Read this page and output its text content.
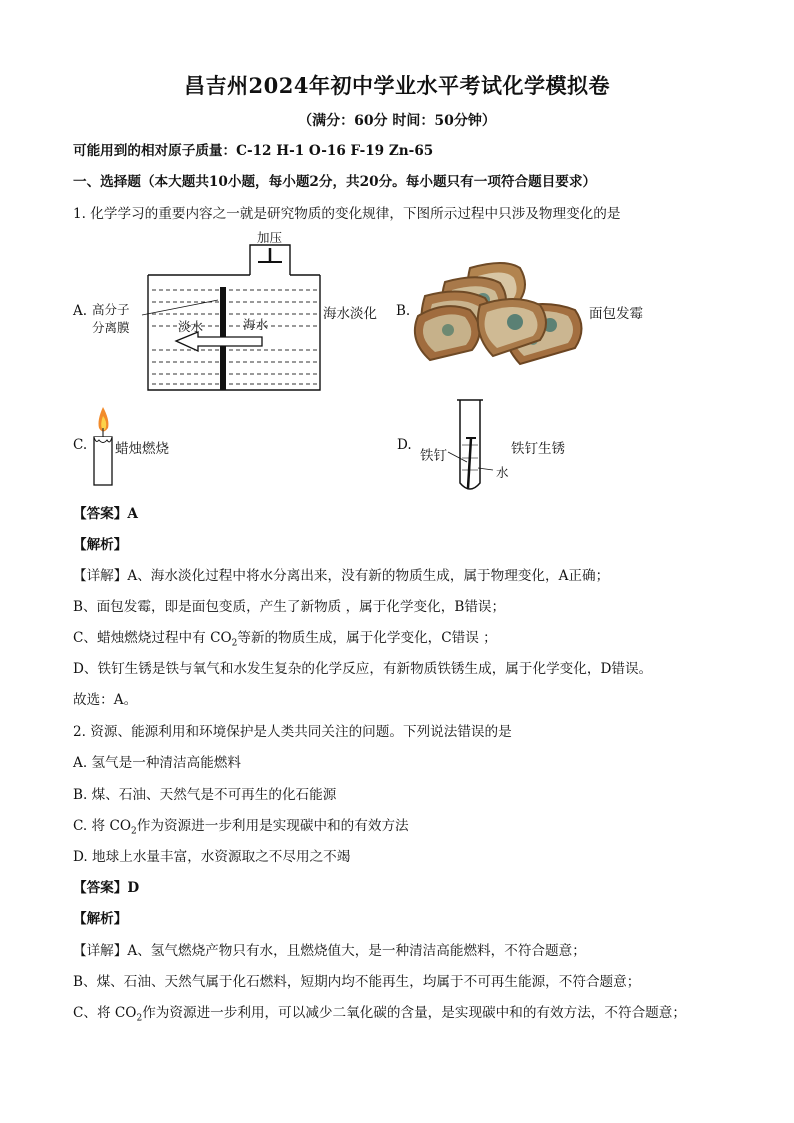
昌吉州2024年初中学业水平考试化学模拟卷
（满分：60分 时间：50分钟）
可能用到的相对原子质量：C-12 H-1 O-16 F-19 Zn-65
一、选择题（本大题共10小题，每小题2分，共20分。每小题只有一项符合题目要求）
1. 化学学习的重要内容之一就是研究物质的变化规律，下图所示过程中只涉及物理变化的是
A. 高分子
分离膜
加压
淡水	海水
海水淡化 B.	面包发霉
C. 蜡烛燃烧	D.
铁钉
水
铁钉生锈
【答案】A
【解析】
【详解】A、海水淡化过程中将水分离出来，没有新的物质生成，属于物理变化，A正确；
B、面包发霉，即是面包变质，产生了新物质 ，属于化学变化，B错误；
C、蜡烛燃烧过程中有 $CO_2$等新的物质生成，属于化学变化，C错误 ；
D、铁钉生锈是铁与氧气和水发生复杂的化学反应，有新物质铁锈生成，属于化学变化，D错误。
故选：A。
2. 资源、能源利用和环境保护是人类共同关注的问题。下列说法错误的是
A. 氢气是一种清洁高能燃料
B. 煤、石油、天然气是不可再生的化石能源
C. 将 $CO_2$作为资源进一步利用是实现碳中和的有效方法
D. 地球上水量丰富，水资源取之不尽用之不竭
【答案】D
【解析】
【详解】A、氢气燃烧产物只有水，且燃烧值大，是一种清洁高能燃料，不符合题意；
B、煤、石油、天然气属于化石燃料，短期内均不能再生，均属于不可再生能源，不符合题意；
C、将 $CO_2$作为资源进一步利用，可以减少二氧化碳的含量，是实现碳中和的有效方法，不符合题意；
